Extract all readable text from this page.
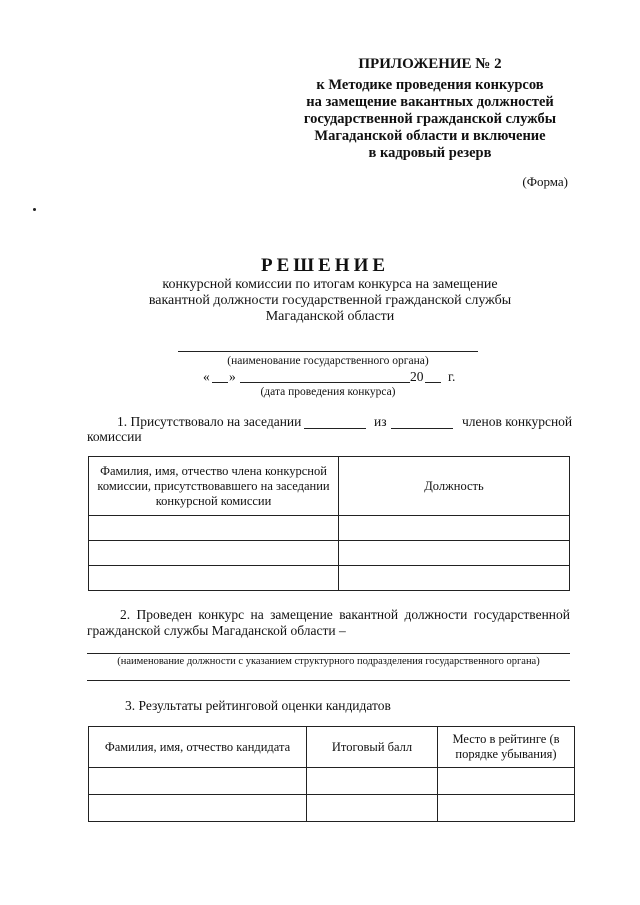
ПРИЛОЖЕНИЕ № 2
к Методике проведения конкурсов
на замещение вакантных должностей
государственной гражданской службы
Магаданской области и включение
в кадровый резерв
(Форма)
РЕШЕНИЕ
конкурсной комиссии по итогам конкурса на замещение
вакантной должности государственной гражданской службы
Магаданской области
(наименование государственного органа)
« »	20 г.
(дата проведения конкурса)
1. Присутствовало на заседании	из	членов конкурсной
комиссии
Фамилия, имя, отчество члена конкурсной комиссии, присутствовавшего на заседании конкурсной комиссии	Должность

2. Проведен конкурс на замещение вакантной должности государственной
гражданской службы Магаданской области –
(наименование должности с указанием структурного подразделения государственного органа)
3. Результаты рейтинговой оценки кандидатов
Фамилия, имя, отчество кандидата	Итоговый балл	Место в рейтинге (в порядке убывания)
